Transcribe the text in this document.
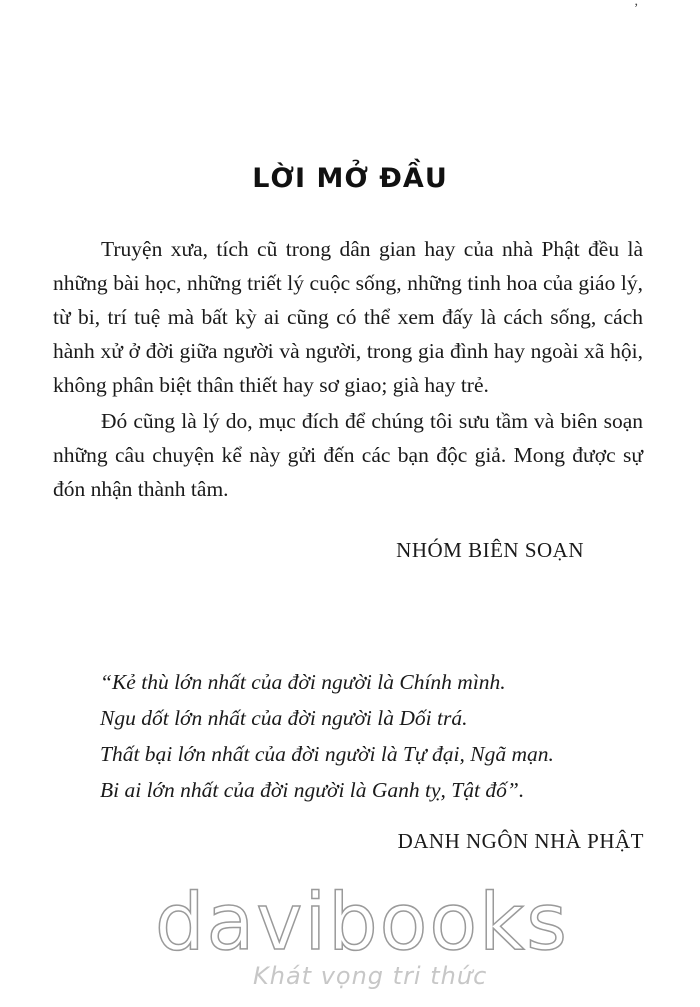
,
LỜI MỞ ĐẦU

Truyện xưa, tích cũ trong dân gian hay của nhà Phật đều là những bài học, những triết lý cuộc sống, những tinh hoa của giáo lý, từ bi, trí tuệ mà bất kỳ ai cũng có thể xem đấy là cách sống, cách hành xử ở đời giữa người và người, trong gia đình hay ngoài xã hội, không phân biệt thân thiết hay sơ giao; già hay trẻ.

Đó cũng là lý do, mục đích để chúng tôi sưu tầm và biên soạn những câu chuyện kể này gửi đến các bạn độc giả. Mong được sự đón nhận thành tâm.

NHÓM BIÊN SOẠN
“Kẻ thù lớn nhất của đời người là Chính mình.
Ngu dốt lớn nhất của đời người là Dối trá.
Thất bại lớn nhất của đời người là Tự đại, Ngã mạn.
Bi ai lớn nhất của đời người là Ganh tỵ, Tật đố”.
DANH NGÔN NHÀ PHẬT
davibooks
Khát vọng tri thức
